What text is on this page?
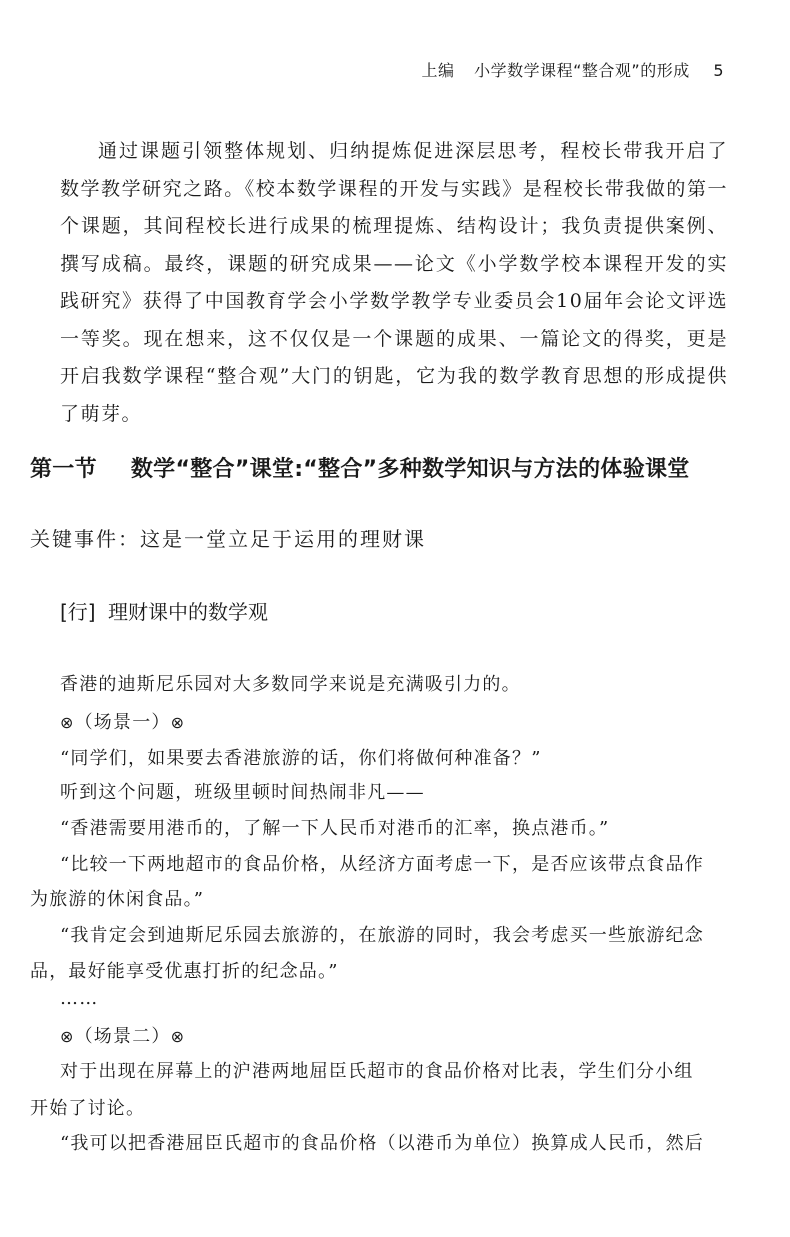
上编 小学数学课程“整合观”的形成 5

通过课题引领整体规划、归纳提炼促进深层思考，程校长带我开启了数学教学研究之路。《校本数学课程的开发与实践》是程校长带我做的第一个课题，其间程校长进行成果的梳理提炼、结构设计；我负责提供案例、撰写成稿。最终，课题的研究成果——论文《小学数学校本课程开发的实践研究》获得了中国教育学会小学数学教学专业委员会10届年会论文评选一等奖。现在想来，这不仅仅是一个课题的成果、一篇论文的得奖，更是开启我数学课程“整合观”大门的钥匙，它为我的数学教育思想的形成提供了萌芽。

第一节 数学“整合”课堂:“整合”多种数学知识与方法的体验课堂
关键事件：这是一堂立足于运用的理财课
[行] 理财课中的数学观

香港的迪斯尼乐园对大多数同学来说是充满吸引力的。

⊗（场景一）⊗

“同学们，如果要去香港旅游的话，你们将做何种准备？”

听到这个问题，班级里顿时间热闹非凡——

“香港需要用港币的，了解一下人民币对港币的汇率，换点港币。”

“比较一下两地超市的食品价格，从经济方面考虑一下，是否应该带点食品作

为旅游的休闲食品。”

“我肯定会到迪斯尼乐园去旅游的，在旅游的同时，我会考虑买一些旅游纪念

品，最好能享受优惠打折的纪念品。”

……

⊗（场景二）⊗

对于出现在屏幕上的沪港两地屈臣氏超市的食品价格对比表，学生们分小组

开始了讨论。

“我可以把香港屈臣氏超市的食品价格（以港币为单位）换算成人民币，然后
